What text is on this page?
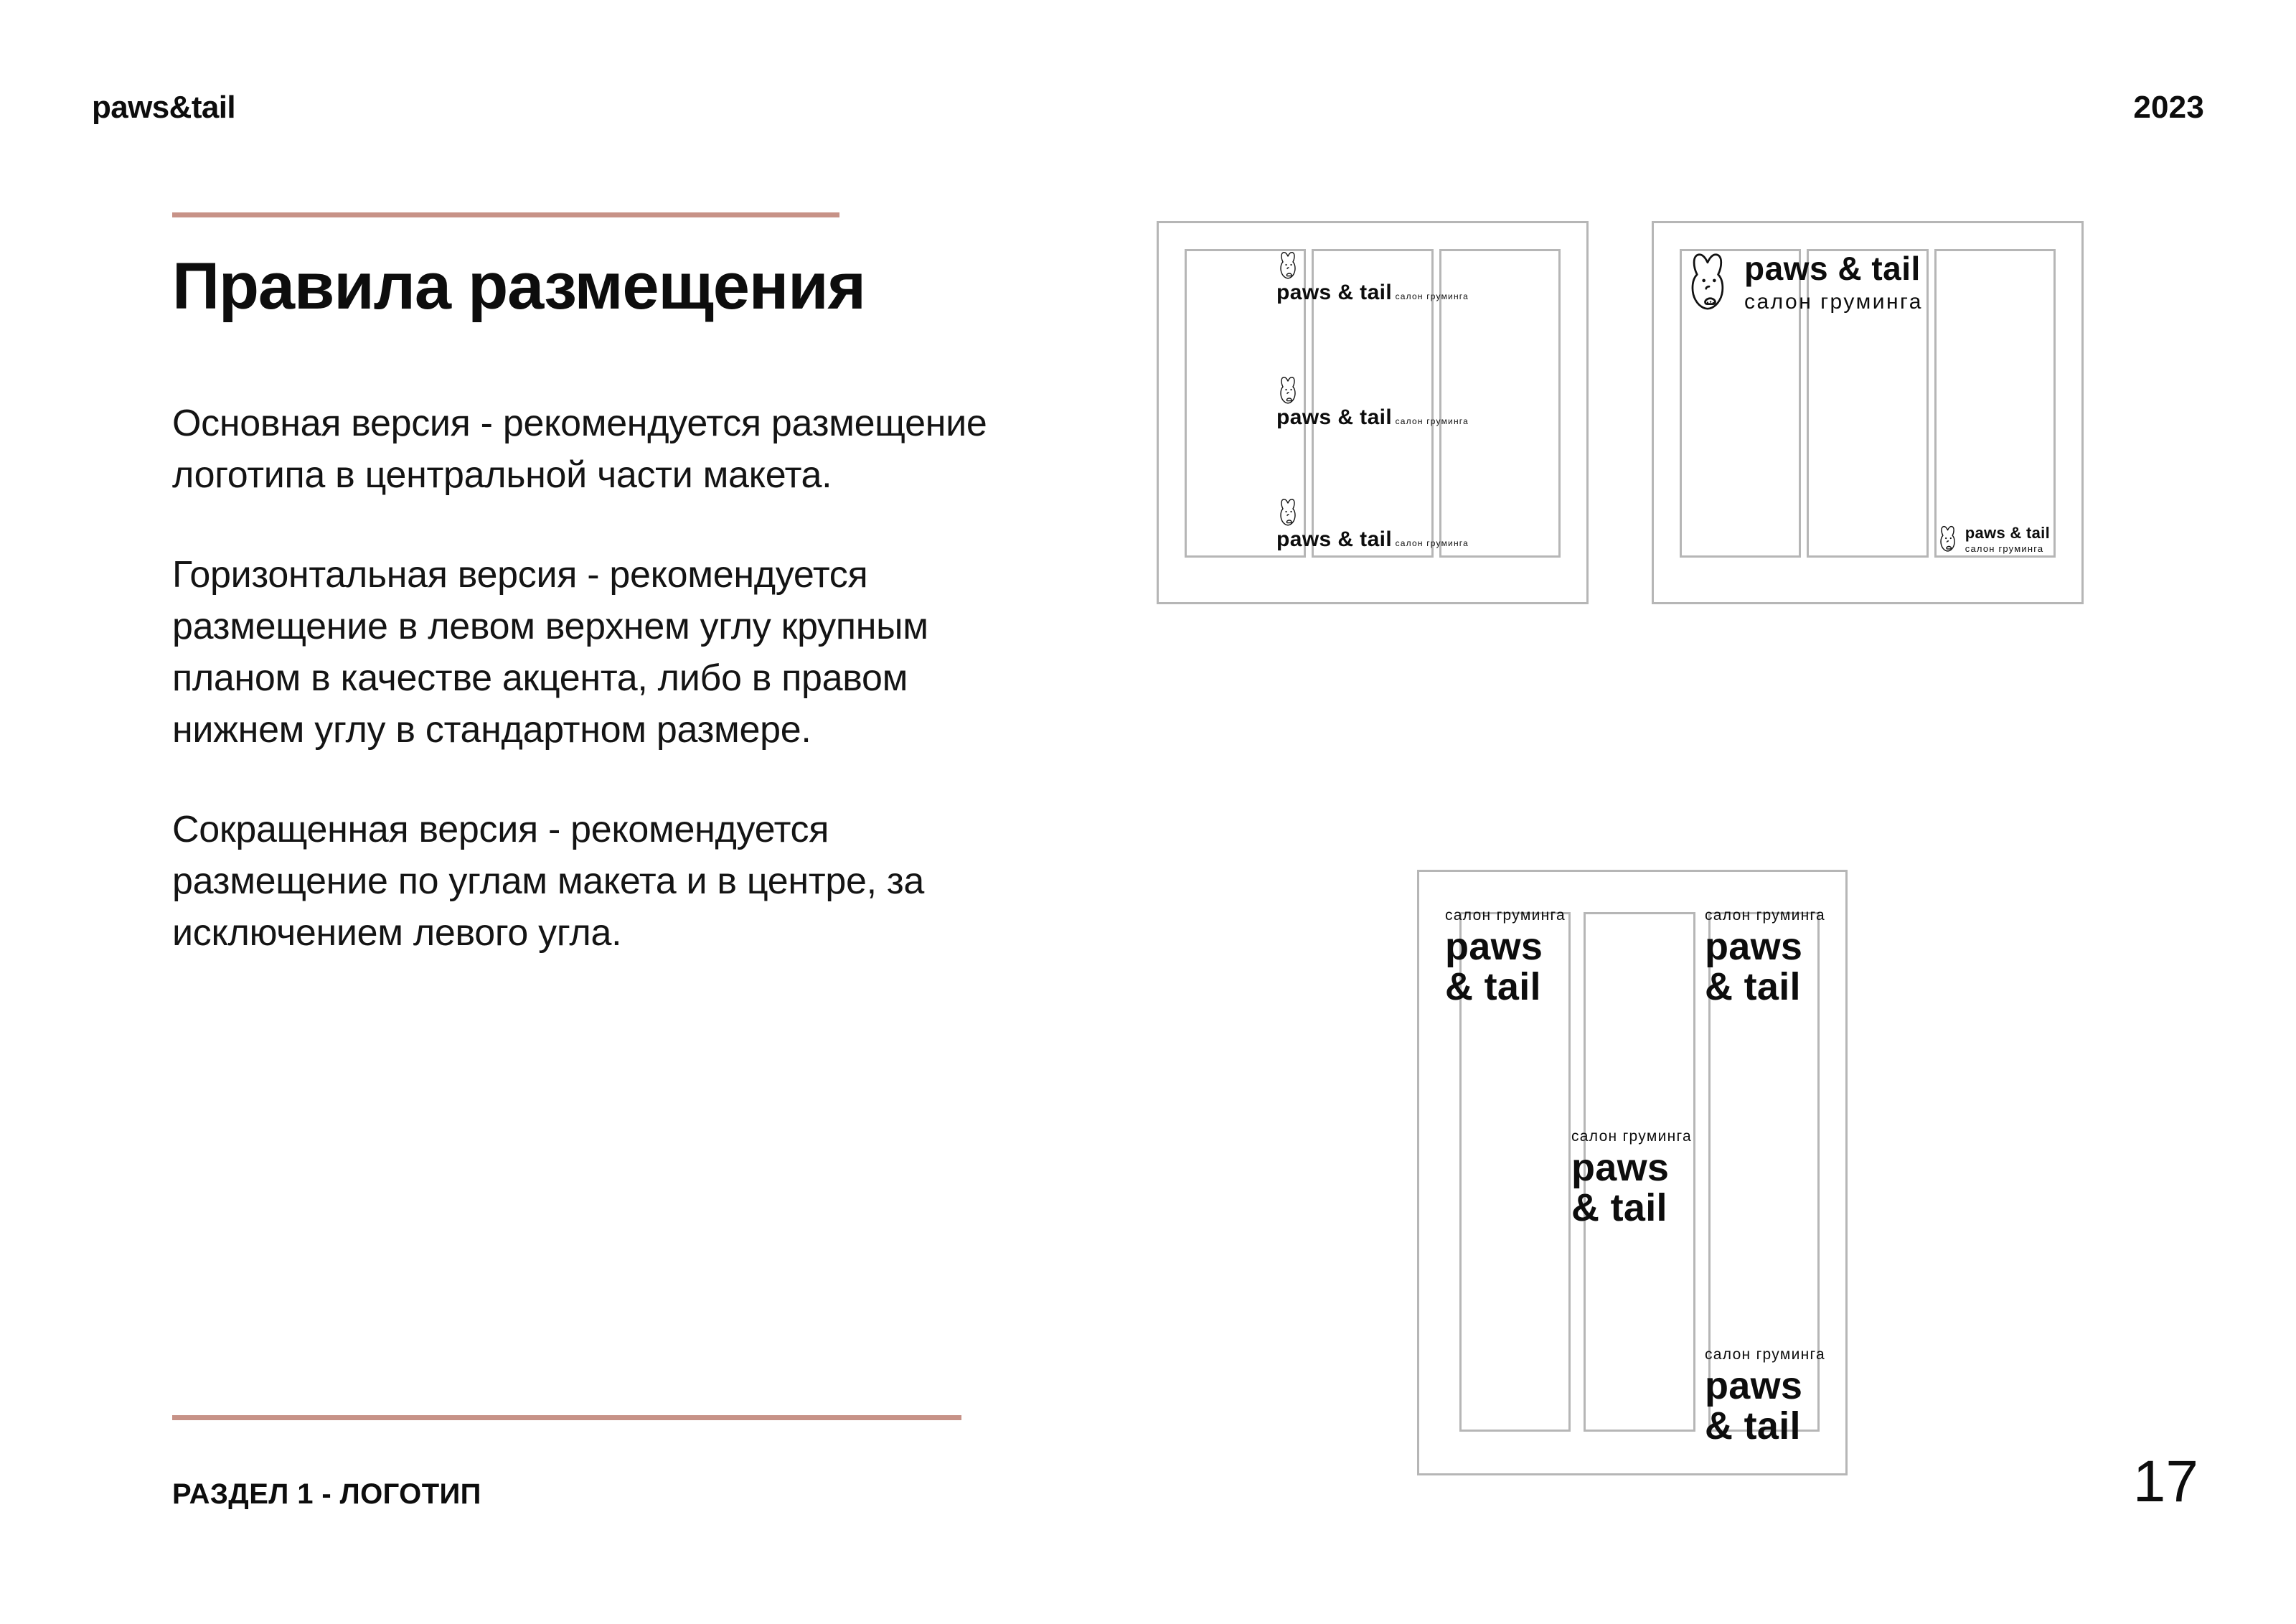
paws&tail	2023
Правила размещения

Основная версия - рекомендуется размещение логотипа в центральной части макета.

Горизонтальная версия - рекомендуется размещение в левом верхнем углу крупным планом в качестве акцента, либо в правом нижнем углу в стандартном размере.

Сокращенная версия - рекомендуется размещение по углам макета и в центре, за исключением левого угла.

РАЗДЕЛ 1 - ЛОГОТИП	17
paws & tail салон груминга
paws & tail салон груминга
paws & tail салон груминга
paws & tail
салон груминга
paws & tail
салон груминга
салон груминга
paws
& tail
салон груминга
paws
& tail
салон груминга
paws
& tail
салон груминга
paws
& tail
